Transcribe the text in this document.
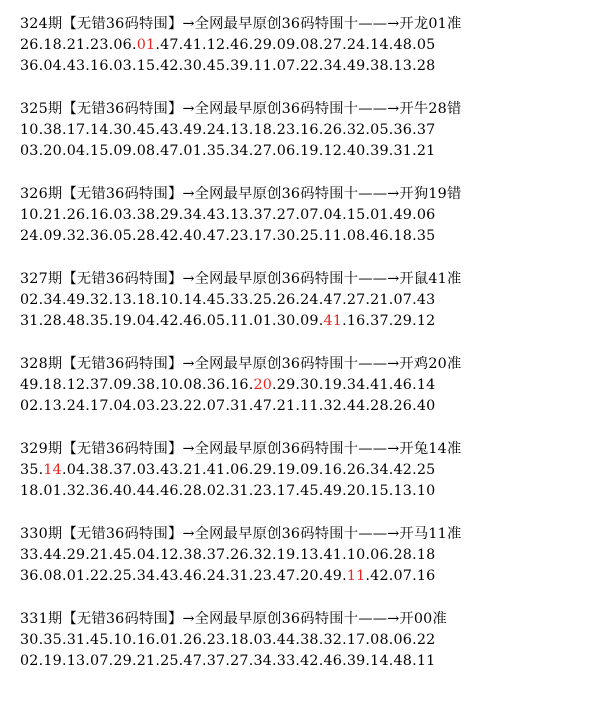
324期【无错36码特围】→全网最早原创36码特围十——→开龙01准
26.18.21.23.06.01.47.41.12.46.29.09.08.27.24.14.48.05
36.04.43.16.03.15.42.30.45.39.11.07.22.34.49.38.13.28
325期【无错36码特围】→全网最早原创36码特围十——→开牛28错
10.38.17.14.30.45.43.49.24.13.18.23.16.26.32.05.36.37
03.20.04.15.09.08.47.01.35.34.27.06.19.12.40.39.31.21
326期【无错36码特围】→全网最早原创36码特围十——→开狗19错
10.21.26.16.03.38.29.34.43.13.37.27.07.04.15.01.49.06
24.09.32.36.05.28.42.40.47.23.17.30.25.11.08.46.18.35
327期【无错36码特围】→全网最早原创36码特围十——→开鼠41准
02.34.49.32.13.18.10.14.45.33.25.26.24.47.27.21.07.43
31.28.48.35.19.04.42.46.05.11.01.30.09.41.16.37.29.12
328期【无错36码特围】→全网最早原创36码特围十——→开鸡20准
49.18.12.37.09.38.10.08.36.16.20.29.30.19.34.41.46.14
02.13.24.17.04.03.23.22.07.31.47.21.11.32.44.28.26.40
329期【无错36码特围】→全网最早原创36码特围十——→开兔14准
35.14.04.38.37.03.43.21.41.06.29.19.09.16.26.34.42.25
18.01.32.36.40.44.46.28.02.31.23.17.45.49.20.15.13.10
330期【无错36码特围】→全网最早原创36码特围十——→开马11准
33.44.29.21.45.04.12.38.37.26.32.19.13.41.10.06.28.18
36.08.01.22.25.34.43.46.24.31.23.47.20.49.11.42.07.16
331期【无错36码特围】→全网最早原创36码特围十——→开00准
30.35.31.45.10.16.01.26.23.18.03.44.38.32.17.08.06.22
02.19.13.07.29.21.25.47.37.27.34.33.42.46.39.14.48.11
